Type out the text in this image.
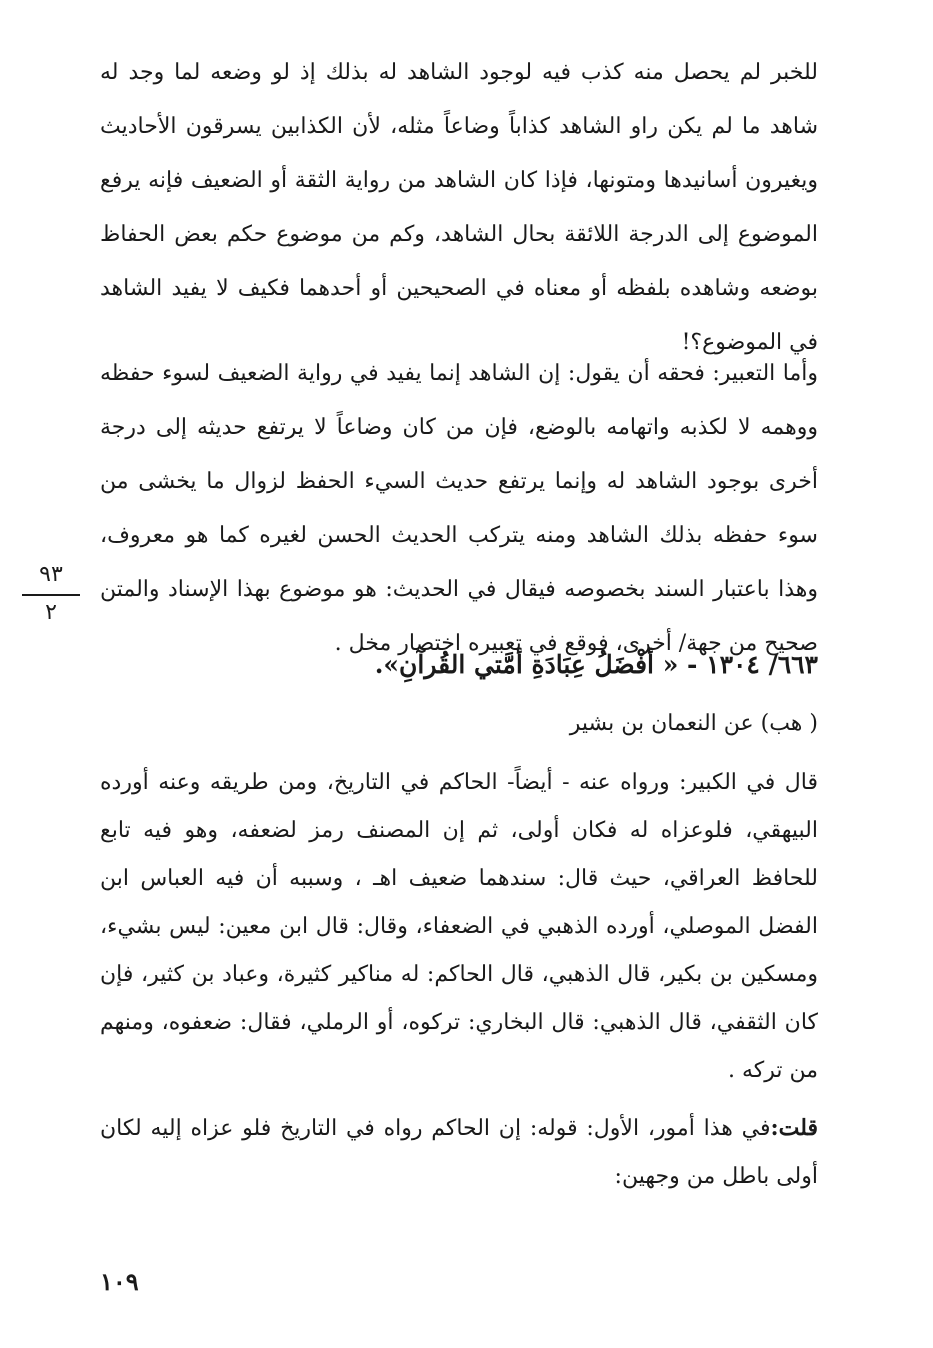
للخبر لم يحصل منه كذب فيه لوجود الشاهد له بذلك إذ لو وضعه لما وجد له شاهد ما لم يكن راو الشاهد كذاباً وضاعاً مثله، لأن الكذابين يسرقون الأحاديث ويغيرون أسانيدها ومتونها، فإذا كان الشاهد من رواية الثقة أو الضعيف فإنه يرفع الموضوع إلى الدرجة اللائقة بحال الشاهد، وكم من موضوع حكم بعض الحفاظ بوضعه وشاهده بلفظه أو معناه في الصحيحين أو أحدهما فكيف لا يفيد الشاهد في الموضوع؟!

وأما التعبير: فحقه أن يقول: إن الشاهد إنما يفيد في رواية الضعيف لسوء حفظه ووهمه لا لكذبه واتهامه بالوضع، فإن من كان وضاعاً لا يرتفع حديثه إلى درجة أخرى بوجود الشاهد له وإنما يرتفع حديث السيء الحفظ لزوال ما يخشى من سوء حفظه بذلك الشاهد ومنه يتركب الحديث الحسن لغيره كما هو معروف، وهذا باعتبار السند بخصوصه فيقال في الحديث: هو موضوع بهذا الإسناد والمتن صحيح من جهة/ أخرى، فوقع في تعبيره اختصار مخل .

٦٦٣/ ١٣٠٤ - « أفْضَلُ عِبَادَةِ أمَّتي القُرآنِ».
( هب) عن النعمان بن بشير

قال في الكبير: ورواه عنه - أيضاً- الحاكم في التاريخ، ومن طريقه وعنه أورده البيهقي، فلوعزاه له فكان أولى، ثم إن المصنف رمز لضعفه، وهو فيه تابع للحافظ العراقي، حيث قال: سندهما ضعيف اهـ ، وسببه أن فيه العباس ابن الفضل الموصلي، أورده الذهبي في الضعفاء، وقال: قال ابن معين: ليس بشيء، ومسكين بن بكير، قال الذهبي، قال الحاكم: له مناكير كثيرة، وعباد بن كثير، فإن كان الثقفي، قال الذهبي: قال البخاري: تركوه، أو الرملي، فقال: ضعفوه، ومنهم من تركه .

قلت:في هذا أمور، الأول: قوله: إن الحاكم رواه في التاريخ فلو عزاه إليه لكان أولى باطل من وجهين:

٩٣
٢
١٠٩
